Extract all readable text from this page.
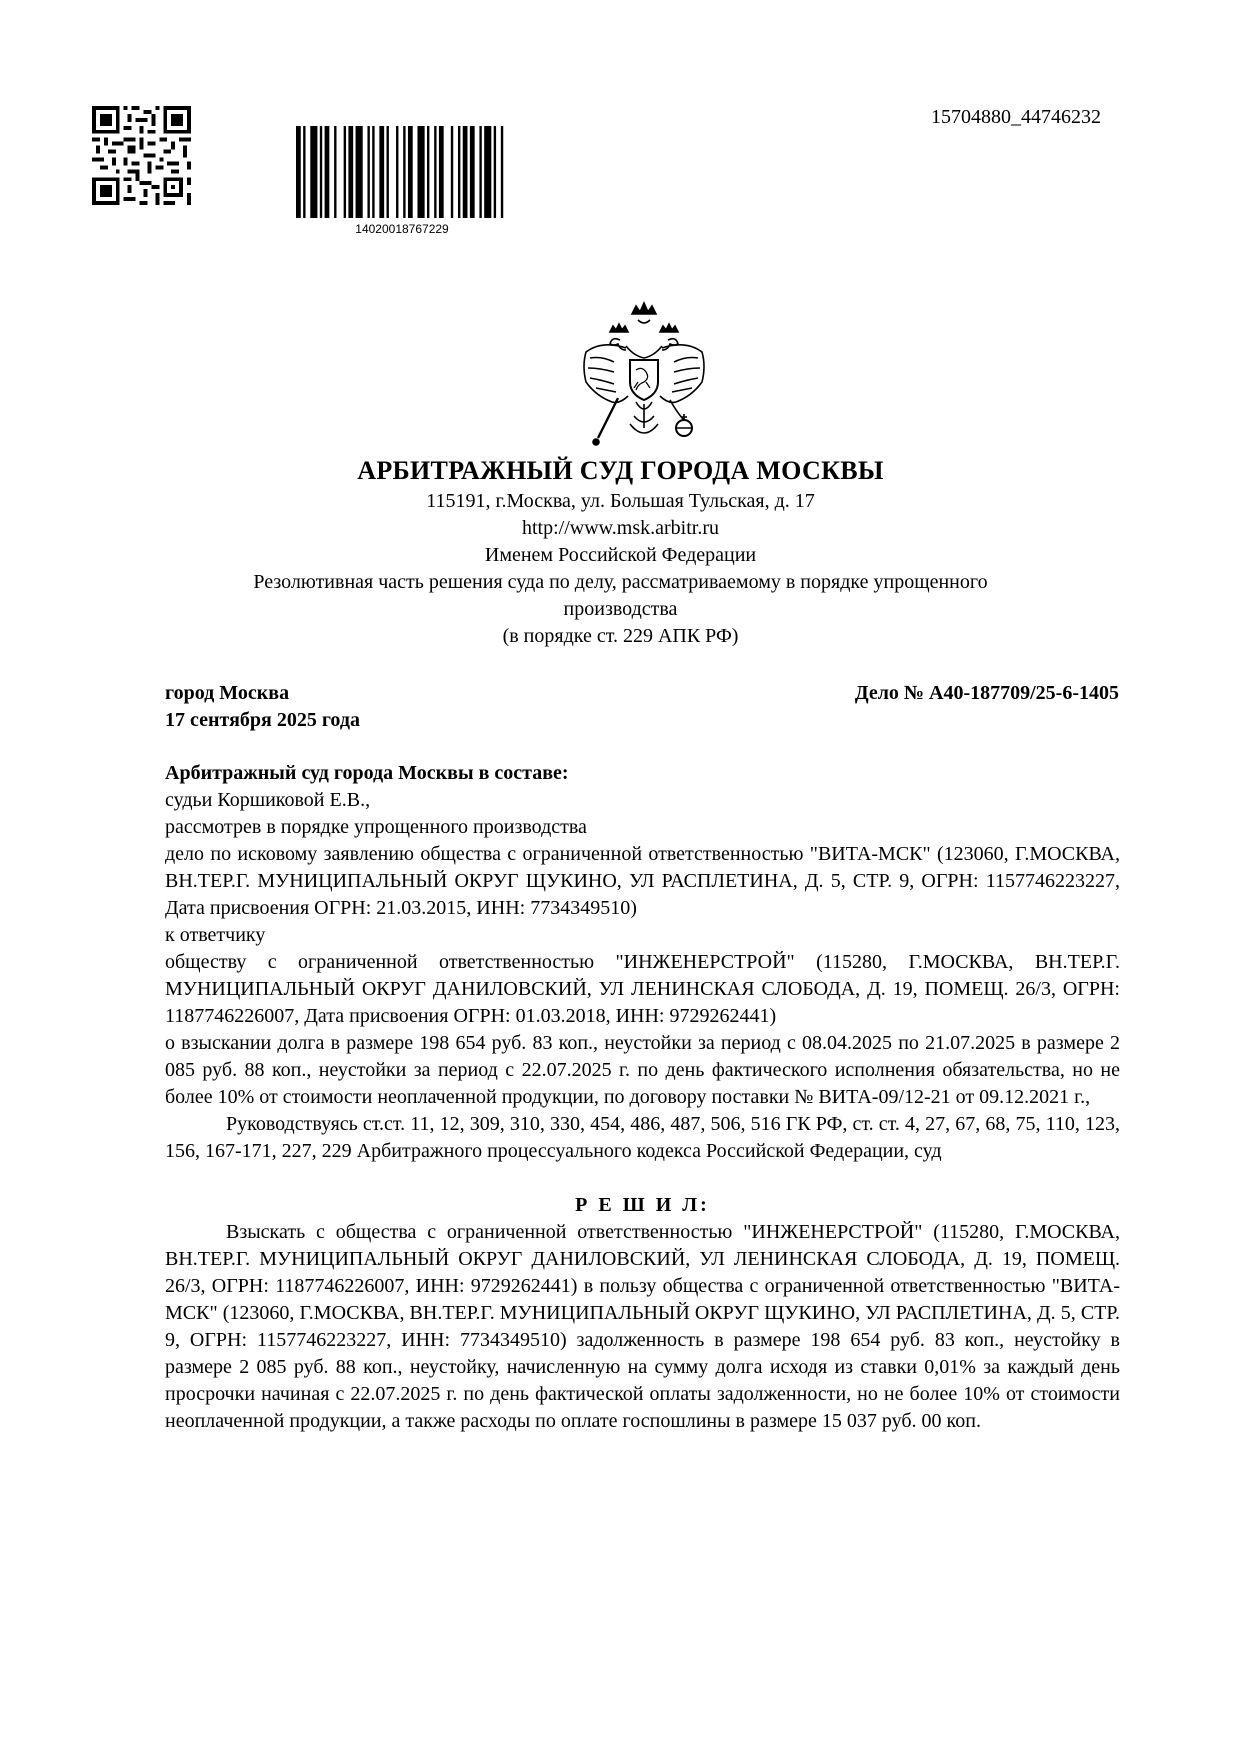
14020018767229
15704880_44746232
АРБИТРАЖНЫЙ СУД ГОРОДА МОСКВЫ
115191, г.Москва, ул. Большая Тульская, д. 17
http://www.msk.arbitr.ru
Именем Российской Федерации
Резолютивная часть решения суда по делу, рассматриваемому в порядке упрощенного
производства
(в порядке ст. 229 АПК РФ)
город Москва
17 сентября 2025 года
Дело № А40-187709/25-6-1405

Арбитражный суд города Москвы в составе:

судьи Коршиковой Е.В.,

рассмотрев в порядке упрощенного производства

дело по исковому заявлению общества с ограниченной ответственностью "ВИТА-МСК" (123060, Г.МОСКВА, ВН.ТЕР.Г. МУНИЦИПАЛЬНЫЙ ОКРУГ ЩУКИНО, УЛ РАСПЛЕТИНА, Д. 5, СТР. 9, ОГРН: 1157746223227, Дата присвоения ОГРН: 21.03.2015, ИНН: 7734349510)

к ответчику

обществу с ограниченной ответственностью "ИНЖЕНЕРСТРОЙ" (115280, Г.МОСКВА, ВН.ТЕР.Г. МУНИЦИПАЛЬНЫЙ ОКРУГ ДАНИЛОВСКИЙ, УЛ ЛЕНИНСКАЯ СЛОБОДА, Д. 19, ПОМЕЩ. 26/3, ОГРН: 1187746226007, Дата присвоения ОГРН: 01.03.2018, ИНН: 9729262441)

о взыскании долга в размере 198 654 руб. 83 коп., неустойки за период с 08.04.2025 по 21.07.2025 в размере 2 085 руб. 88 коп., неустойки за период с 22.07.2025 г. по день фактического исполнения обязательства, но не более 10% от стоимости неоплаченной продукции, по договору поставки № ВИТА-09/12-21 от 09.12.2021 г.,

Руководствуясь ст.ст. 11, 12, 309, 310, 330, 454, 486, 487, 506, 516 ГК РФ, ст. ст. 4, 27, 67, 68, 75, 110, 123, 156, 167-171, 227, 229 Арбитражного процессуального кодекса Российской Федерации, суд

Р Е Ш И Л:

Взыскать с общества с ограниченной ответственностью "ИНЖЕНЕРСТРОЙ" (115280, Г.МОСКВА, ВН.ТЕР.Г. МУНИЦИПАЛЬНЫЙ ОКРУГ ДАНИЛОВСКИЙ, УЛ ЛЕНИНСКАЯ СЛОБОДА, Д. 19, ПОМЕЩ. 26/3, ОГРН: 1187746226007, ИНН: 9729262441) в пользу общества с ограниченной ответственностью "ВИТА-МСК" (123060, Г.МОСКВА, ВН.ТЕР.Г. МУНИЦИПАЛЬНЫЙ ОКРУГ ЩУКИНО, УЛ РАСПЛЕТИНА, Д. 5, СТР. 9, ОГРН: 1157746223227, ИНН: 7734349510) задолженность в размере 198 654 руб. 83 коп., неустойку в размере 2 085 руб. 88 коп., неустойку, начисленную на сумму долга исходя из ставки 0,01% за каждый день просрочки начиная с 22.07.2025 г. по день фактической оплаты задолженности, но не более 10% от стоимости неоплаченной продукции, а также расходы по оплате госпошлины в размере 15 037 руб. 00 коп.
